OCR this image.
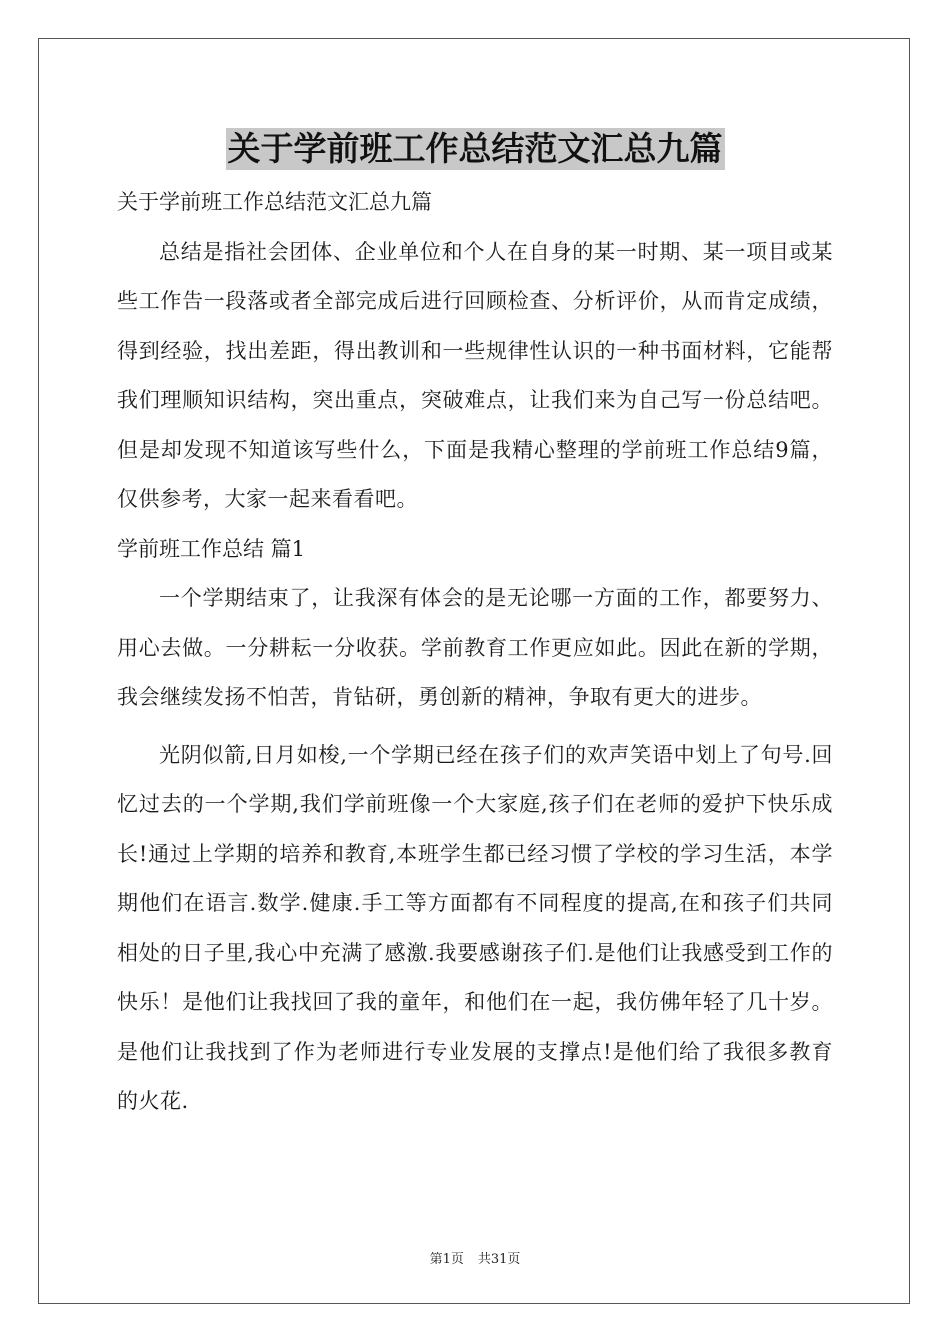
关于学前班工作总结范文汇总九篇

关于学前班工作总结范文汇总九篇

总结是指社会团体、企业单位和个人在自身的某一时期、某一项目或某些工作告一段落或者全部完成后进行回顾检查、分析评价，从而肯定成绩，得到经验，找出差距，得出教训和一些规律性认识的一种书面材料，它能帮我们理顺知识结构，突出重点，突破难点，让我们来为自己写一份总结吧。但是却发现不知道该写些什么，下面是我精心整理的学前班工作总结9篇，仅供参考，大家一起来看看吧。

学前班工作总结 篇1

一个学期结束了，让我深有体会的是无论哪一方面的工作，都要努力、用心去做。一分耕耘一分收获。学前教育工作更应如此。因此在新的学期，我会继续发扬不怕苦，肯钻研，勇创新的精神，争取有更大的进步。

光阴似箭,日月如梭,一个学期已经在孩子们的欢声笑语中划上了句号.回忆过去的一个学期,我们学前班像一个大家庭,孩子们在老师的爱护下快乐成长!通过上学期的培养和教育,本班学生都已经习惯了学校的学习生活，本学期他们在语言.数学.健康.手工等方面都有不同程度的提高,在和孩子们共同相处的日子里,我心中充满了感激.我要感谢孩子们.是他们让我感受到工作的快乐！是他们让我找回了我的童年，和他们在一起，我仿佛年轻了几十岁。是他们让我找到了作为老师进行专业发展的支撑点!是他们给了我很多教育的火花.

第1页 共31页
